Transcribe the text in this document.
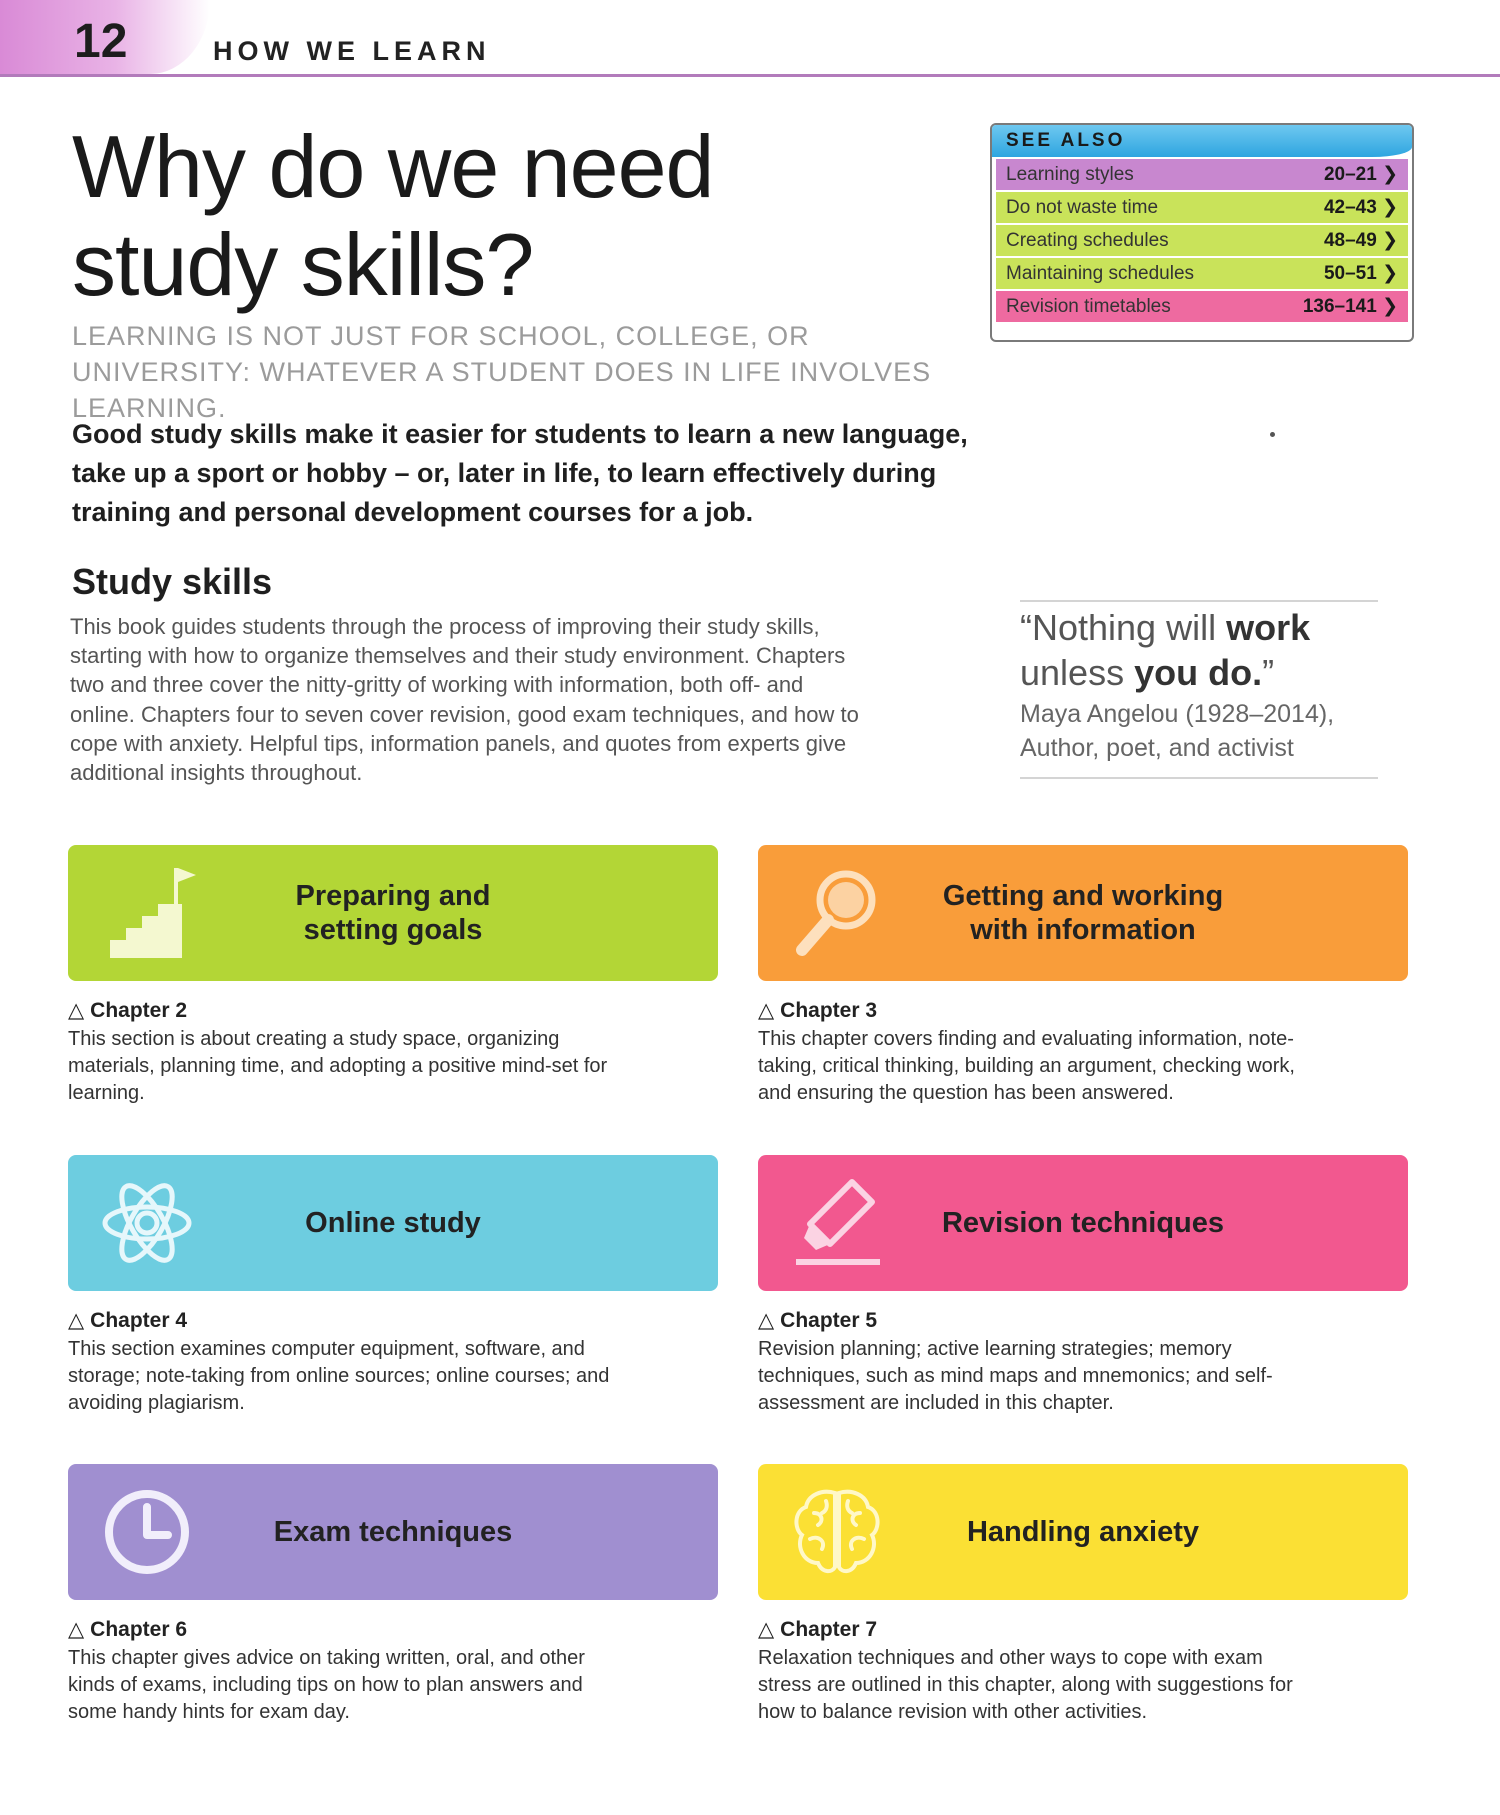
12	HOW WE LEARN
Why do we need
study skills?
LEARNING IS NOT JUST FOR SCHOOL, COLLEGE, OR UNIVERSITY: WHATEVER A STUDENT DOES IN LIFE INVOLVES LEARNING.
Good study skills make it easier for students to learn a new language, take up a sport or hobby – or, later in life, to learn effectively during training and personal development courses for a job.
Study skills
This book guides students through the process of improving their study skills, starting with how to organize themselves and their study environment. Chapters two and three cover the nitty-gritty of working with information, both off- and online. Chapters four to seven cover revision, good exam techniques, and how to cope with anxiety. Helpful tips, information panels, and quotes from experts give additional insights throughout.
SEE ALSO
Learning styles	20–21 ❯
Do not waste time	42–43 ❯
Creating schedules	48–49 ❯
Maintaining schedules	50–51 ❯
Revision timetables	136–141 ❯
“Nothing will work
unless you do.”
Maya Angelou (1928–2014),
Author, poet, and activist
Preparing and
setting goals
△ Chapter 2
This section is about creating a study space, organizing materials, planning time, and adopting a positive mind-set for learning.
Getting and working
with information
△ Chapter 3
This chapter covers finding and evaluating information, note-taking, critical thinking, building an argument, checking work, and ensuring the question has been answered.
Online study
△ Chapter 4
This section examines computer equipment, software, and storage; note-taking from online sources; online courses; and avoiding plagiarism.
Revision techniques
△ Chapter 5
Revision planning; active learning strategies; memory techniques, such as mind maps and mnemonics; and self-assessment are included in this chapter.
Exam techniques
△ Chapter 6
This chapter gives advice on taking written, oral, and other kinds of exams, including tips on how to plan answers and some handy hints for exam day.
Handling anxiety
△ Chapter 7
Relaxation techniques and other ways to cope with exam stress are outlined in this chapter, along with suggestions for how to balance revision with other activities.
